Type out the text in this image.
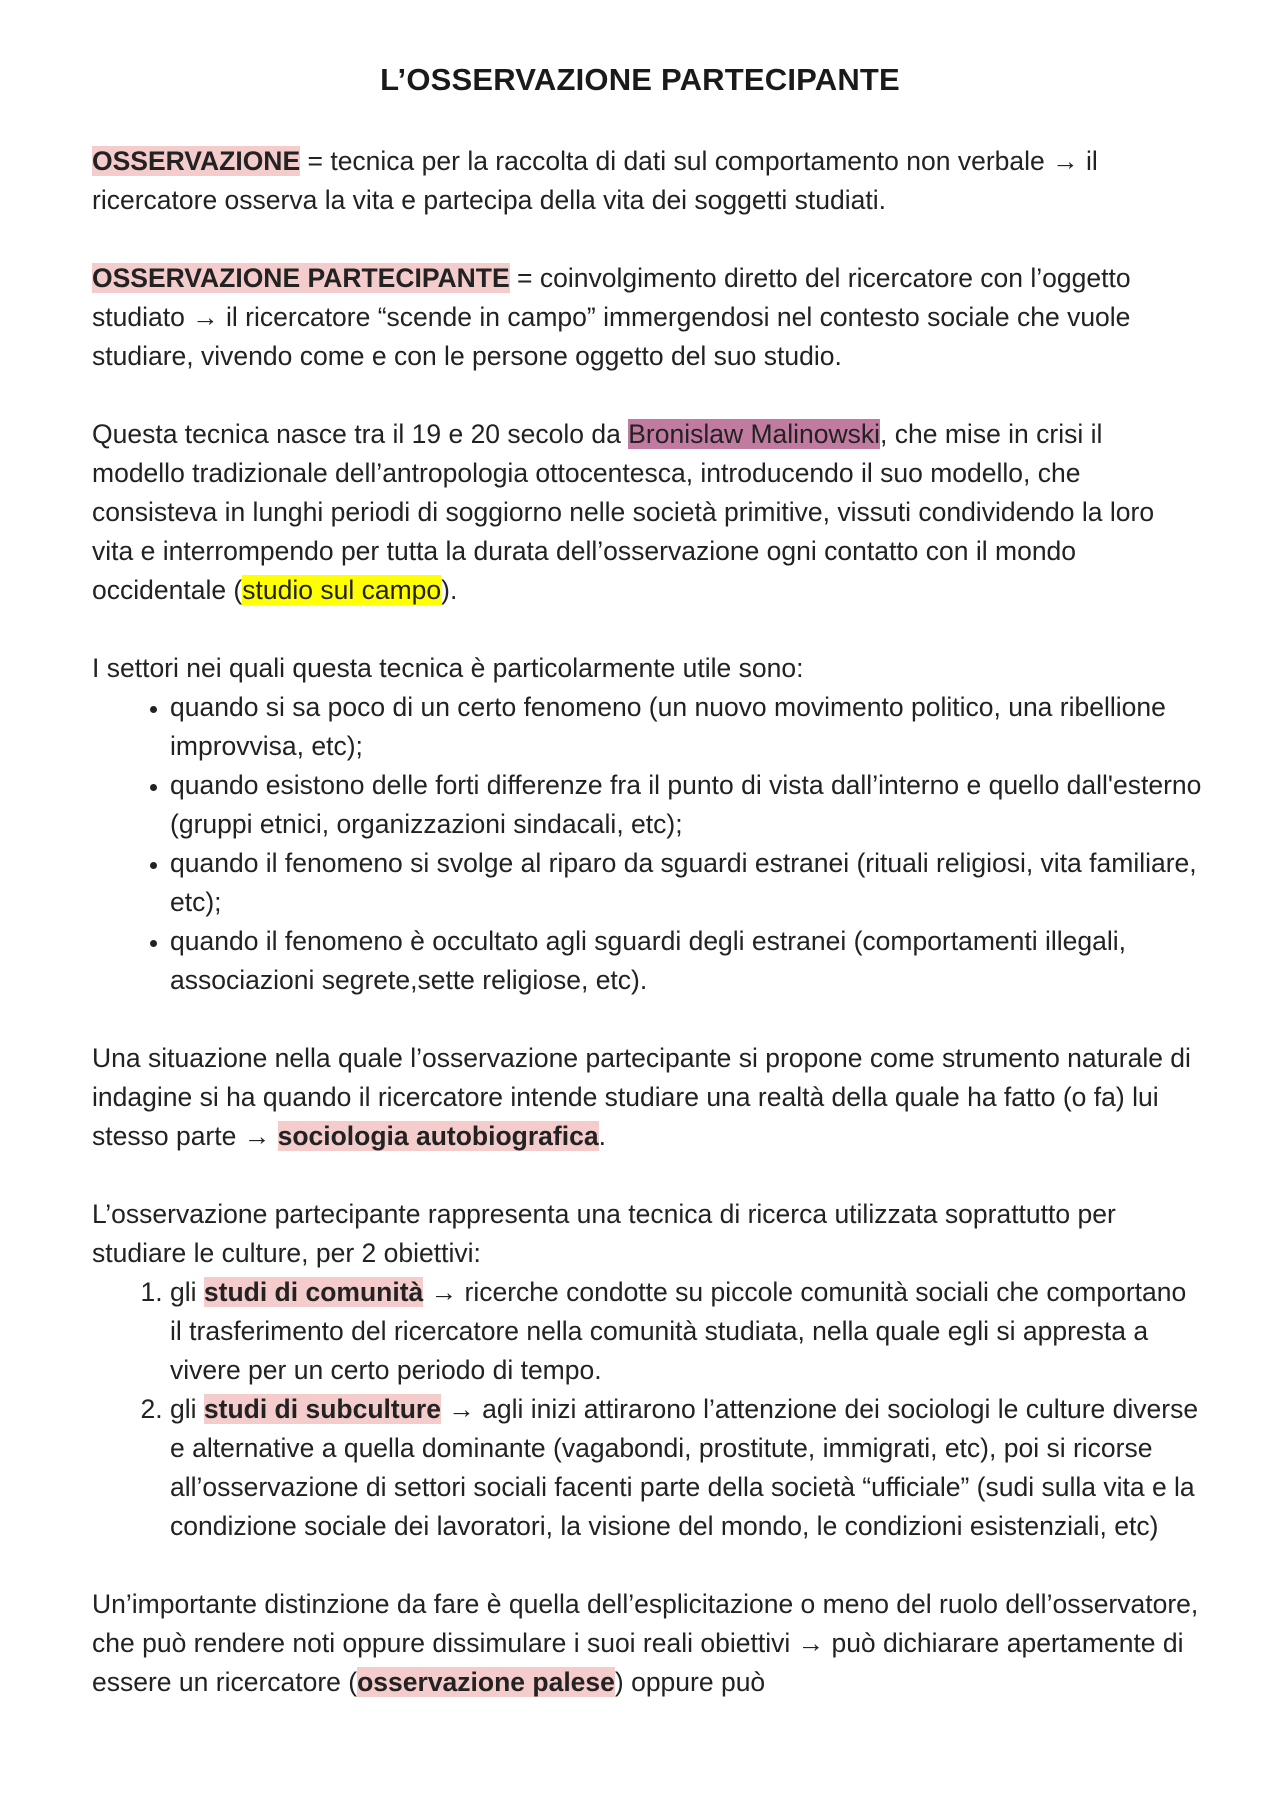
L’OSSERVAZIONE PARTECIPANTE

OSSERVAZIONE = tecnica per la raccolta di dati sul comportamento non verbale → il ricercatore osserva la vita e partecipa della vita dei soggetti studiati.

OSSERVAZIONE PARTECIPANTE = coinvolgimento diretto del ricercatore con l’oggetto studiato → il ricercatore “scende in campo” immergendosi nel contesto sociale che vuole studiare, vivendo come e con le persone oggetto del suo studio.

Questa tecnica nasce tra il 19 e 20 secolo da Bronislaw Malinowski, che mise in crisi il modello tradizionale dell’antropologia ottocentesca, introducendo il suo modello, che consisteva in lunghi periodi di soggiorno nelle società primitive, vissuti condividendo la loro vita e interrompendo per tutta la durata dell’osservazione ogni contatto con il mondo occidentale (studio sul campo).

I settori nei quali questa tecnica è particolarmente utile sono:
• quando si sa poco di un certo fenomeno (un nuovo movimento politico, una ribellione improvvisa, etc);
• quando esistono delle forti differenze fra il punto di vista dall’interno e quello dall'esterno (gruppi etnici, organizzazioni sindacali, etc);
• quando il fenomeno si svolge al riparo da sguardi estranei (rituali religiosi, vita familiare, etc);
• quando il fenomeno è occultato agli sguardi degli estranei (comportamenti illegali, associazioni segrete,sette religiose, etc).

Una situazione nella quale l’osservazione partecipante si propone come strumento naturale di indagine si ha quando il ricercatore intende studiare una realtà della quale ha fatto (o fa) lui stesso parte → sociologia autobiografica.

L’osservazione partecipante rappresenta una tecnica di ricerca utilizzata soprattutto per studiare le culture, per 2 obiettivi:
1. gli studi di comunità → ricerche condotte su piccole comunità sociali che comportano il trasferimento del ricercatore nella comunità studiata, nella quale egli si appresta a vivere per un certo periodo di tempo.
2. gli studi di subculture → agli inizi attirarono l’attenzione dei sociologi le culture diverse e alternative a quella dominante (vagabondi, prostitute, immigrati, etc), poi si ricorse all’osservazione di settori sociali facenti parte della società “ufficiale” (sudi sulla vita e la condizione sociale dei lavoratori, la visione del mondo, le condizioni esistenziali, etc)

Un’importante distinzione da fare è quella dell’esplicitazione o meno del ruolo dell’osservatore, che può rendere noti oppure dissimulare i suoi reali obiettivi → può dichiarare apertamente di essere un ricercatore (osservazione palese) oppure può
